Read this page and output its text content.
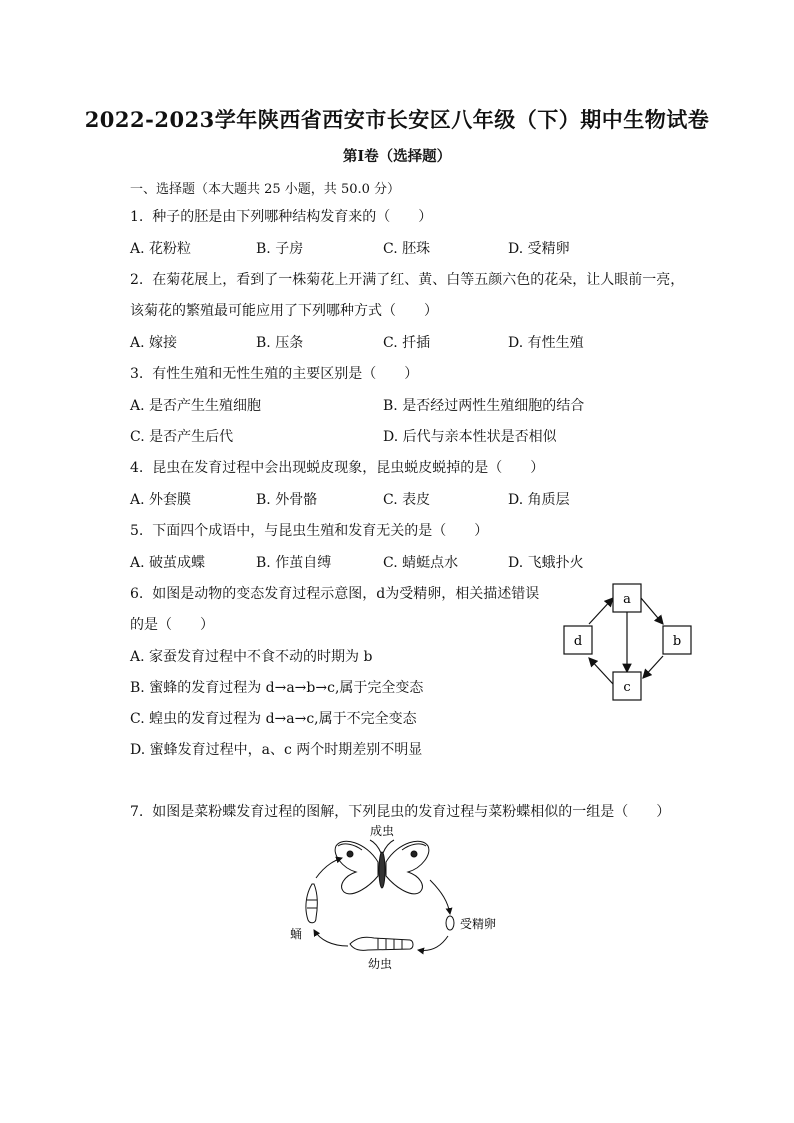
2022-2023学年陕西省西安市长安区八年级（下）期中生物试卷
第I卷（选择题）
一、选择题（本大题共 25 小题，共 50.0 分）
1. 种子的胚是由下列哪种结构发育来的（　　）
A. 花粉粒	B. 子房	C. 胚珠	D. 受精卵
2. 在菊花展上，看到了一株菊花上开满了红、黄、白等五颜六色的花朵，让人眼前一亮，
该菊花的繁殖最可能应用了下列哪种方式（　　）
A. 嫁接	B. 压条	C. 扦插	D. 有性生殖
3. 有性生殖和无性生殖的主要区别是（　　）
A. 是否产生生殖细胞	B. 是否经过两性生殖细胞的结合
C. 是否产生后代	D. 后代与亲本性状是否相似
4. 昆虫在发育过程中会出现蜕皮现象，昆虫蜕皮蜕掉的是（　　）
A. 外套膜	B. 外骨骼	C. 表皮	D. 角质层
5. 下面四个成语中，与昆虫生殖和发育无关的是（　　）
A. 破茧成蝶	B. 作茧自缚	C. 蜻蜓点水	D. 飞蛾扑火
6. 如图是动物的变态发育过程示意图，d为受精卵，相关描述错误
的是（　　）
A. 家蚕发育过程中不食不动的时期为 b
B. 蜜蜂的发育过程为 d→a→b→c,属于完全变态
C. 蝗虫的发育过程为 d→a→c,属于不完全变态
D. 蜜蜂发育过程中，a、c 两个时期差别不明显
a
b
c
d
7. 如图是菜粉蝶发育过程的图解，下列昆虫的发育过程与菜粉蝶相似的一组是（　　）
成虫
受精卵
幼虫
蛹
